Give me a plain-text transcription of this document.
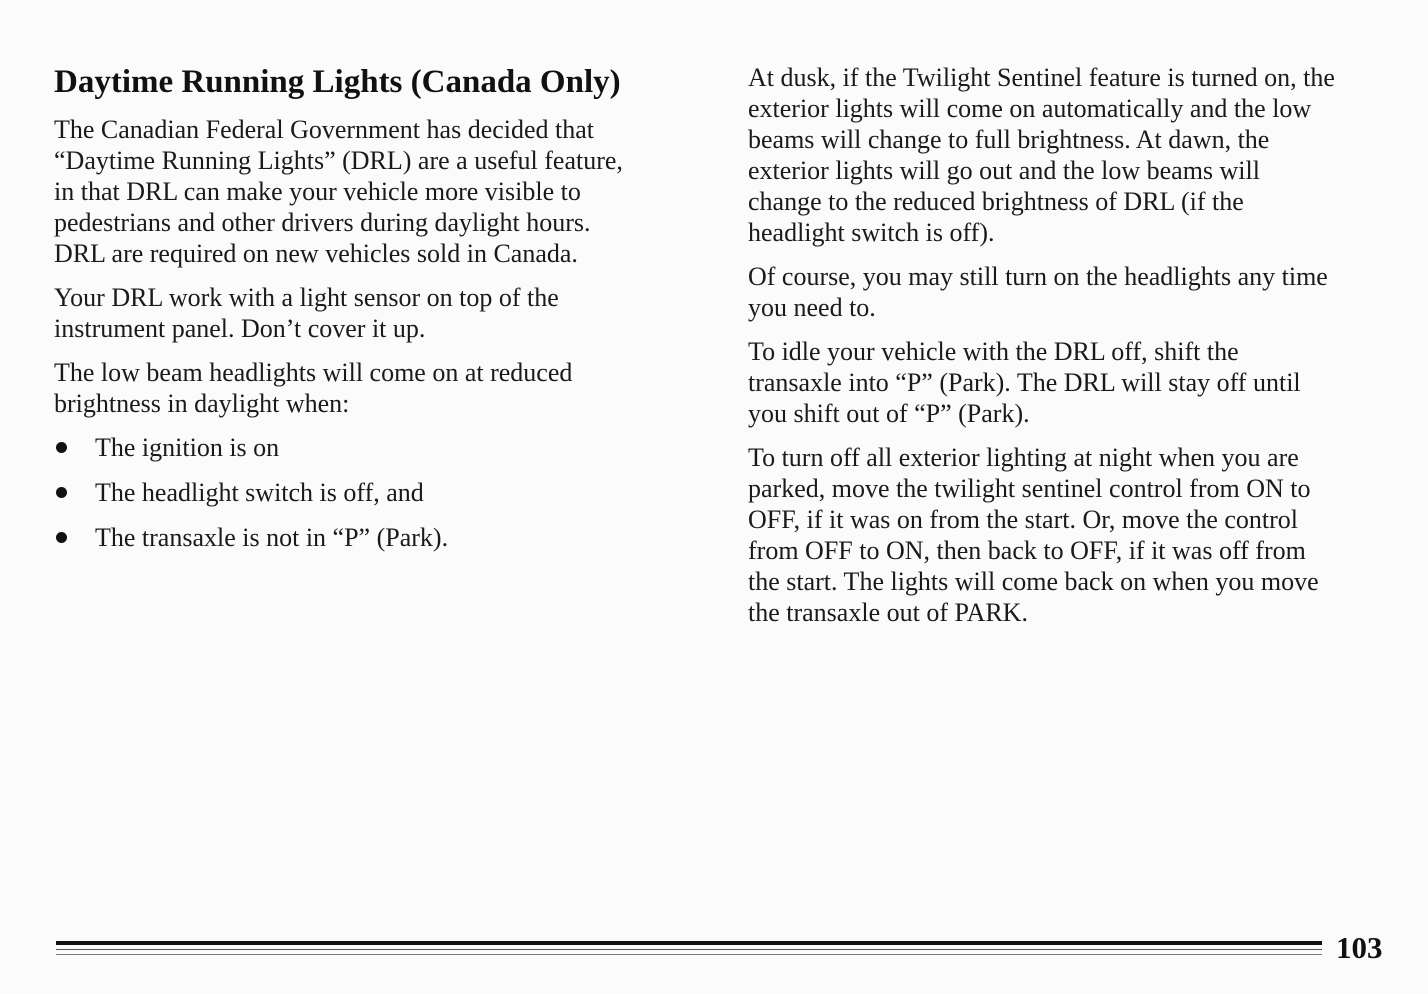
Daytime Running Lights (Canada Only)

The Canadian Federal Government has decided that
“Daytime Running Lights” (DRL) are a useful feature,
in that DRL can make your vehicle more visible to
pedestrians and other drivers during daylight hours.
DRL are required on new vehicles sold in Canada.

Your DRL work with a light sensor on top of the
instrument panel. Don’t cover it up.

The low beam headlights will come on at reduced
brightness in daylight when:

The ignition is on
The headlight switch is off, and
The transaxle is not in “P” (Park).

At dusk, if the Twilight Sentinel feature is turned on, the
exterior lights will come on automatically and the low
beams will change to full brightness. At dawn, the
exterior lights will go out and the low beams will
change to the reduced brightness of DRL (if the
headlight switch is off).

Of course, you may still turn on the headlights any time
you need to.

To idle your vehicle with the DRL off, shift the
transaxle into “P” (Park). The DRL will stay off until
you shift out of “P” (Park).

To turn off all exterior lighting at night when you are
parked, move the twilight sentinel control from ON to
OFF, if it was on from the start. Or, move the control
from OFF to ON, then back to OFF, if it was off from
the start. The lights will come back on when you move
the transaxle out of PARK.

103
